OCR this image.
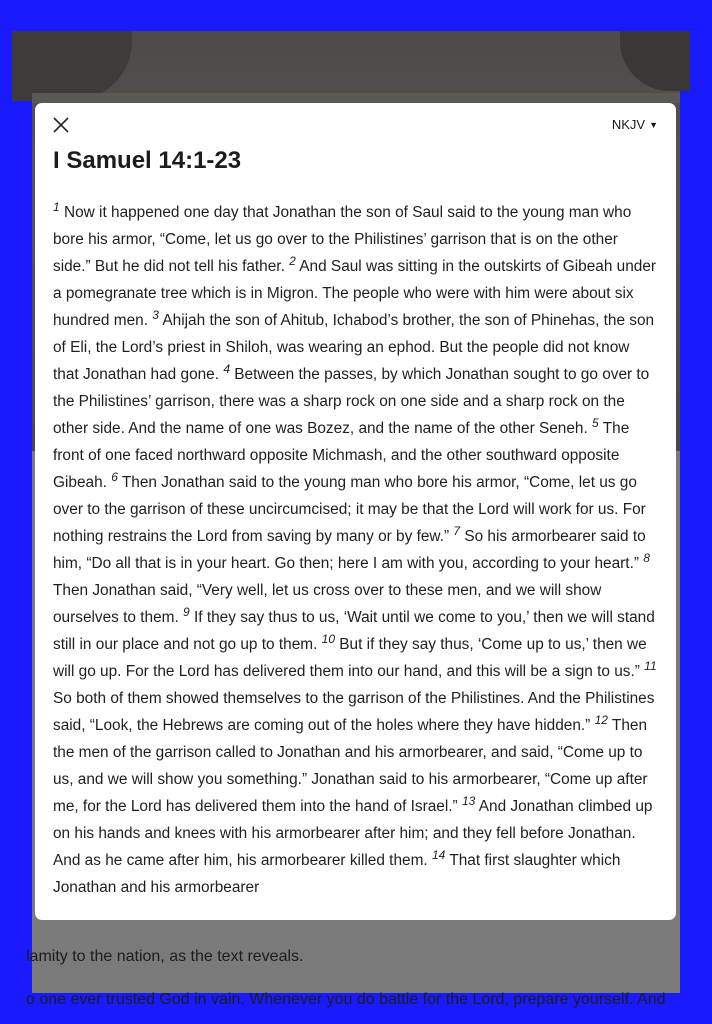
lamity to the nation, as the text reveals.
o one ever trusted God in vain. Whenever you do battle for the Lord, prepare yourself. And
NKJV ▼
I Samuel 14:1-23
$^1$ Now it happened one day that Jonathan the son of Saul said to the young man who bore his armor, “Come, let us go over to the Philistines’ garrison that is on the other side.” But he did not tell his father. $^2$ And Saul was sitting in the outskirts of Gibeah under a pomegranate tree which is in Migron. The people who were with him were about six hundred men. $^3$ Ahijah the son of Ahitub, Ichabod’s brother, the son of Phinehas, the son of Eli, the Lord’s priest in Shiloh, was wearing an ephod. But the people did not know that Jonathan had gone. $^4$ Between the passes, by which Jonathan sought to go over to the Philistines’ garrison, there was a sharp rock on one side and a sharp rock on the other side. And the name of one was Bozez, and the name of the other Seneh. $^5$ The front of one faced northward opposite Michmash, and the other southward opposite Gibeah. $^6$ Then Jonathan said to the young man who bore his armor, “Come, let us go over to the garrison of these uncircumcised; it may be that the Lord will work for us. For nothing restrains the Lord from saving by many or by few.” $^7$ So his armorbearer said to him, “Do all that is in your heart. Go then; here I am with you, according to your heart.” $^8$ Then Jonathan said, “Very well, let us cross over to these men, and we will show ourselves to them. $^9$ If they say thus to us, ‘Wait until we come to you,’ then we will stand still in our place and not go up to them. $^{10}$ But if they say thus, ‘Come up to us,’ then we will go up. For the Lord has delivered them into our hand, and this will be a sign to us.” $^{11}$ So both of them showed themselves to the garrison of the Philistines. And the Philistines said, “Look, the Hebrews are coming out of the holes where they have hidden.” $^{12}$ Then the men of the garrison called to Jonathan and his armorbearer, and said, “Come up to us, and we will show you something.” Jonathan said to his armorbearer, “Come up after me, for the Lord has delivered them into the hand of Israel.” $^{13}$ And Jonathan climbed up on his hands and knees with his armorbearer after him; and they fell before Jonathan. And as he came after him, his armorbearer killed them. $^{14}$ That first slaughter which Jonathan and his armorbearer
